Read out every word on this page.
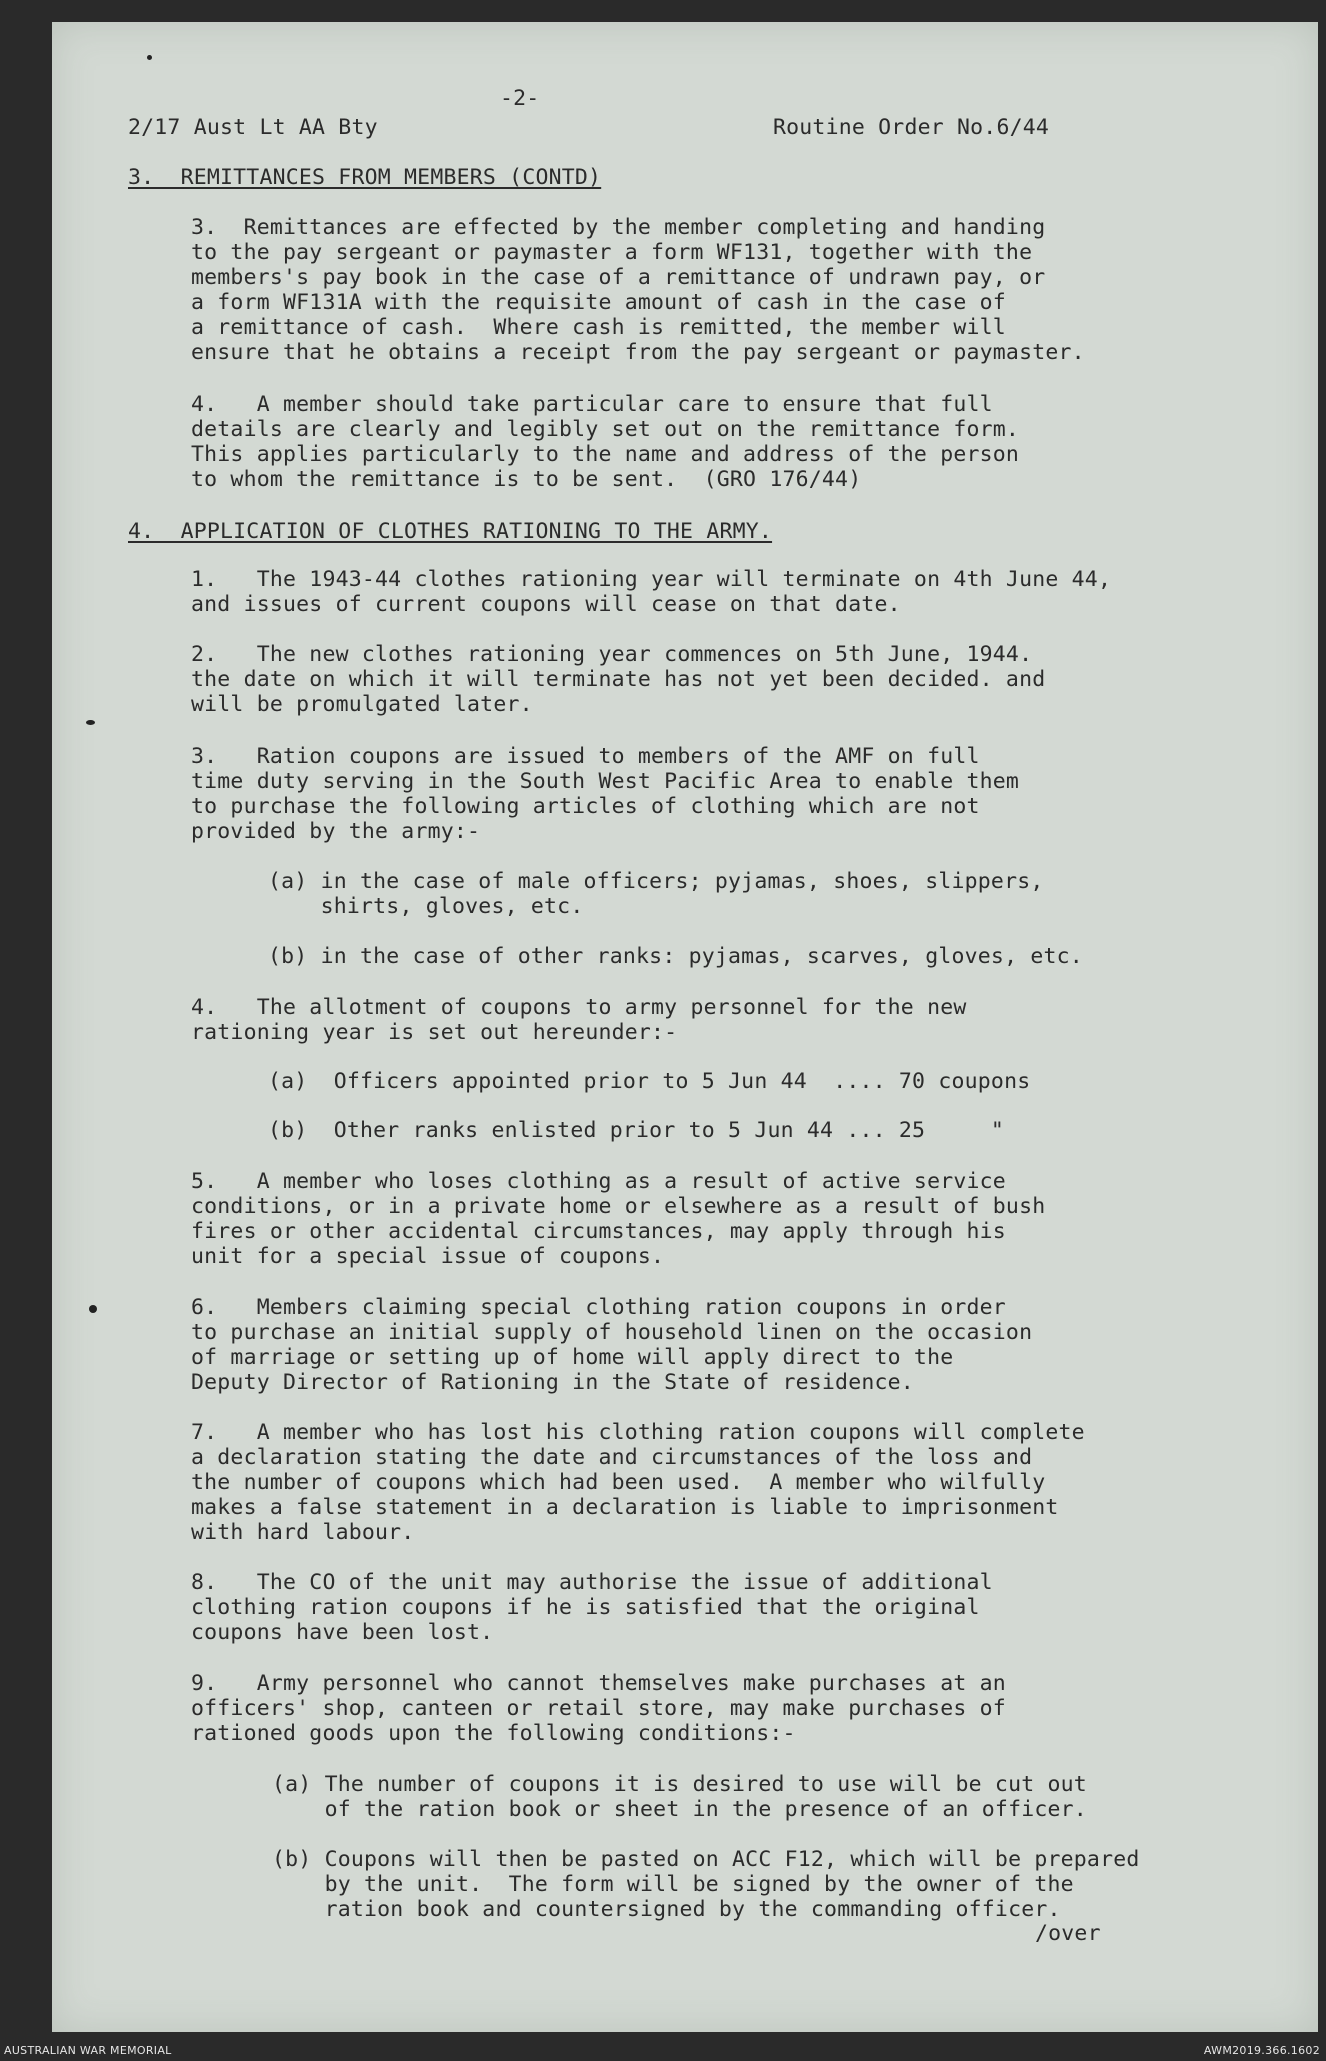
-2-
2/17 Aust Lt AA Bty	Routine Order No.6/44
3.  REMITTANCES FROM MEMBERS (CONTD)
3.  Remittances are effected by the member completing and handing
to the pay sergeant or paymaster a form WF131, together with the
members's pay book in the case of a remittance of undrawn pay, or
a form WF131A with the requisite amount of cash in the case of
a remittance of cash.  Where cash is remitted, the member will
ensure that he obtains a receipt from the pay sergeant or paymaster.
4.   A member should take particular care to ensure that full
details are clearly and legibly set out on the remittance form.
This applies particularly to the name and address of the person
to whom the remittance is to be sent.  (GRO 176/44)
4.  APPLICATION OF CLOTHES RATIONING TO THE ARMY.
1.   The 1943-44 clothes rationing year will terminate on 4th June 44,
and issues of current coupons will cease on that date.
2.   The new clothes rationing year commences on 5th June, 1944.
the date on which it will terminate has not yet been decided. and
will be promulgated later.
3.   Ration coupons are issued to members of the AMF on full
time duty serving in the South West Pacific Area to enable them
to purchase the following articles of clothing which are not
provided by the army:-
(a) in the case of male officers; pyjamas, shoes, slippers,
shirts, gloves, etc.
(b) in the case of other ranks: pyjamas, scarves, gloves, etc.
4.   The allotment of coupons to army personnel for the new
rationing year is set out hereunder:-
(a)  Officers appointed prior to 5 Jun 44  .... 70 coupons
(b)  Other ranks enlisted prior to 5 Jun 44 ... 25     "
5.   A member who loses clothing as a result of active service
conditions, or in a private home or elsewhere as a result of bush
fires or other accidental circumstances, may apply through his
unit for a special issue of coupons.
6.   Members claiming special clothing ration coupons in order
to purchase an initial supply of household linen on the occasion
of marriage or setting up of home will apply direct to the
Deputy Director of Rationing in the State of residence.
7.   A member who has lost his clothing ration coupons will complete
a declaration stating the date and circumstances of the loss and
the number of coupons which had been used.  A member who wilfully
makes a false statement in a declaration is liable to imprisonment
with hard labour.
8.   The CO of the unit may authorise the issue of additional
clothing ration coupons if he is satisfied that the original
coupons have been lost.
9.   Army personnel who cannot themselves make purchases at an
officers' shop, canteen or retail store, may make purchases of
rationed goods upon the following conditions:-
(a) The number of coupons it is desired to use will be cut out
of the ration book or sheet in the presence of an officer.
(b) Coupons will then be pasted on ACC F12, which will be prepared
by the unit.  The form will be signed by the owner of the
ration book and countersigned by the commanding officer.
/over
AUSTRALIAN WAR MEMORIAL	AWM2019.366.1602
